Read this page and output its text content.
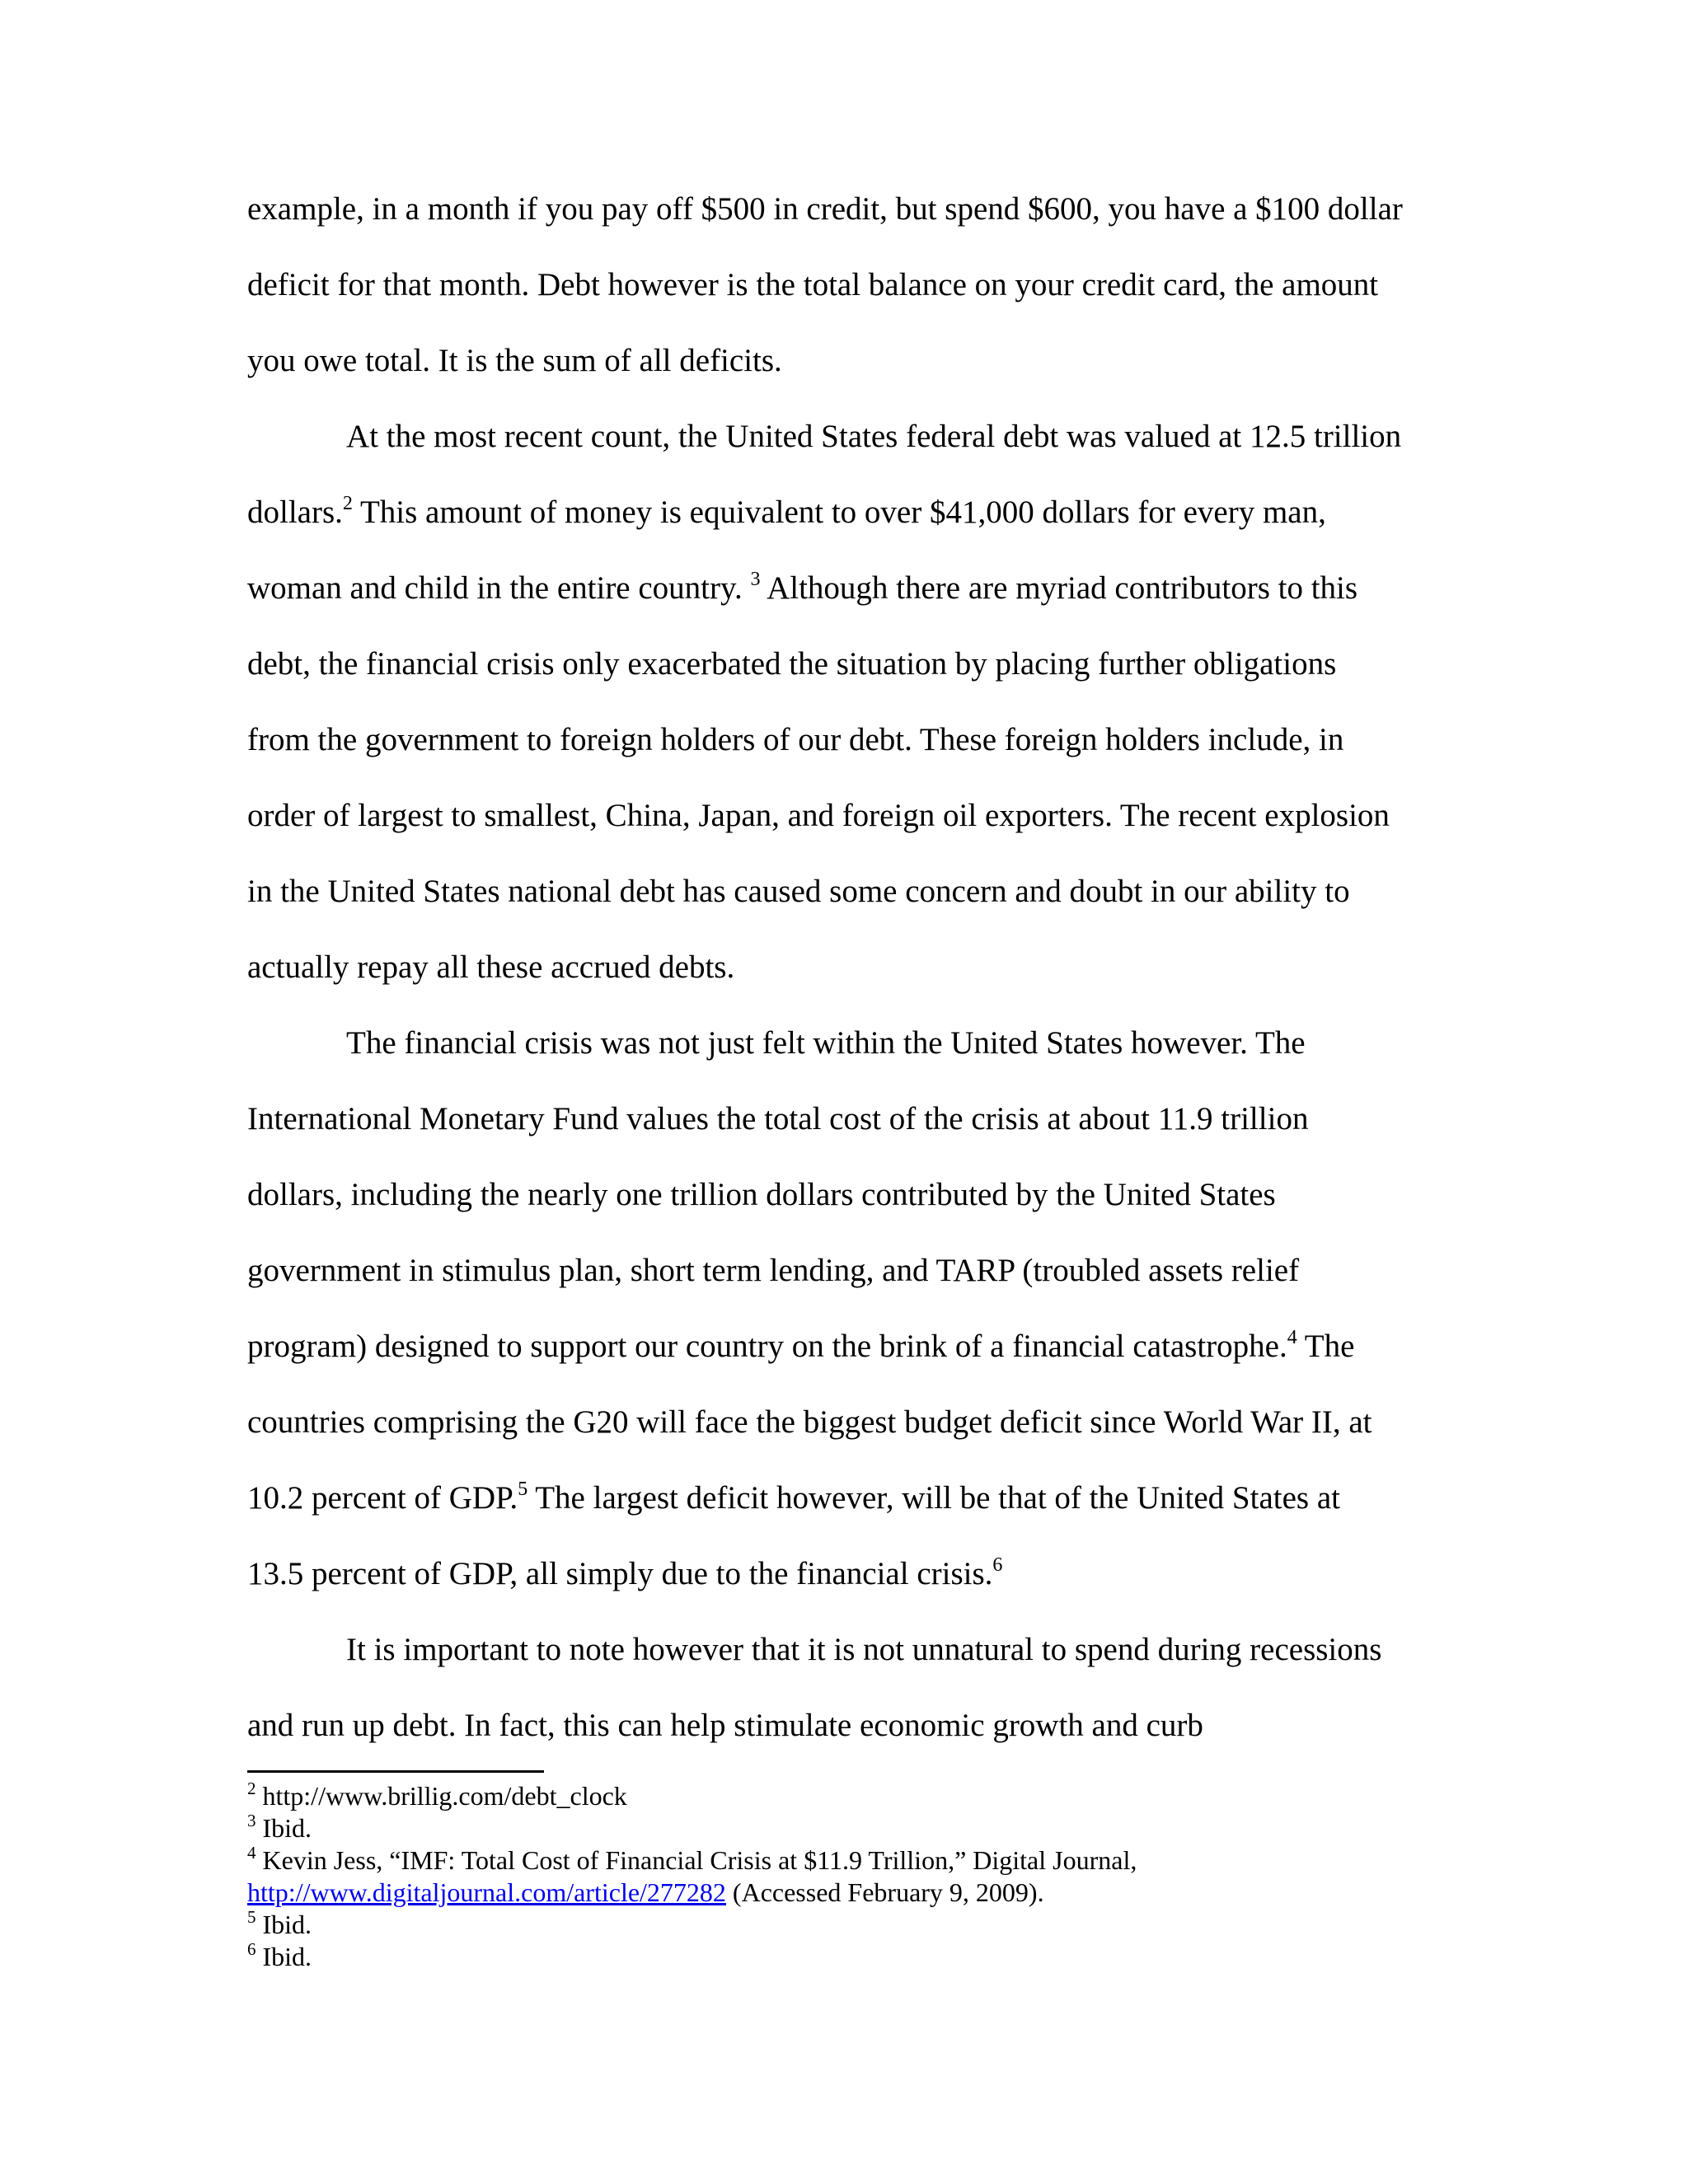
example, in a month if you pay off $500 in credit, but spend $600, you have a $100 dollar
deficit for that month. Debt however is the total balance on your credit card, the amount
you owe total. It is the sum of all deficits.
At the most recent count, the United States federal debt was valued at 12.5 trillion
dollars.$^2$ This amount of money is equivalent to over $41,000 dollars for every man,
woman and child in the entire country. $^3$ Although there are myriad contributors to this
debt, the financial crisis only exacerbated the situation by placing further obligations
from the government to foreign holders of our debt. These foreign holders include, in
order of largest to smallest, China, Japan, and foreign oil exporters. The recent explosion
in the United States national debt has caused some concern and doubt in our ability to
actually repay all these accrued debts.
The financial crisis was not just felt within the United States however. The
International Monetary Fund values the total cost of the crisis at about 11.9 trillion
dollars, including the nearly one trillion dollars contributed by the United States
government in stimulus plan, short term lending, and TARP (troubled assets relief
program) designed to support our country on the brink of a financial catastrophe.$^4$ The
countries comprising the G20 will face the biggest budget deficit since World War II, at
10.2 percent of GDP.$^5$ The largest deficit however, will be that of the United States at
13.5 percent of GDP, all simply due to the financial crisis.$^6$
It is important to note however that it is not unnatural to spend during recessions
and run up debt. In fact, this can help stimulate economic growth and curb
$^2$ http://www.brillig.com/debt_clock
$^3$ Ibid.
$^4$ Kevin Jess, “IMF: Total Cost of Financial Crisis at $11.9 Trillion,” Digital Journal,
http://www.digitaljournal.com/article/277282 (Accessed February 9, 2009).
$^5$ Ibid.
$^6$ Ibid.
